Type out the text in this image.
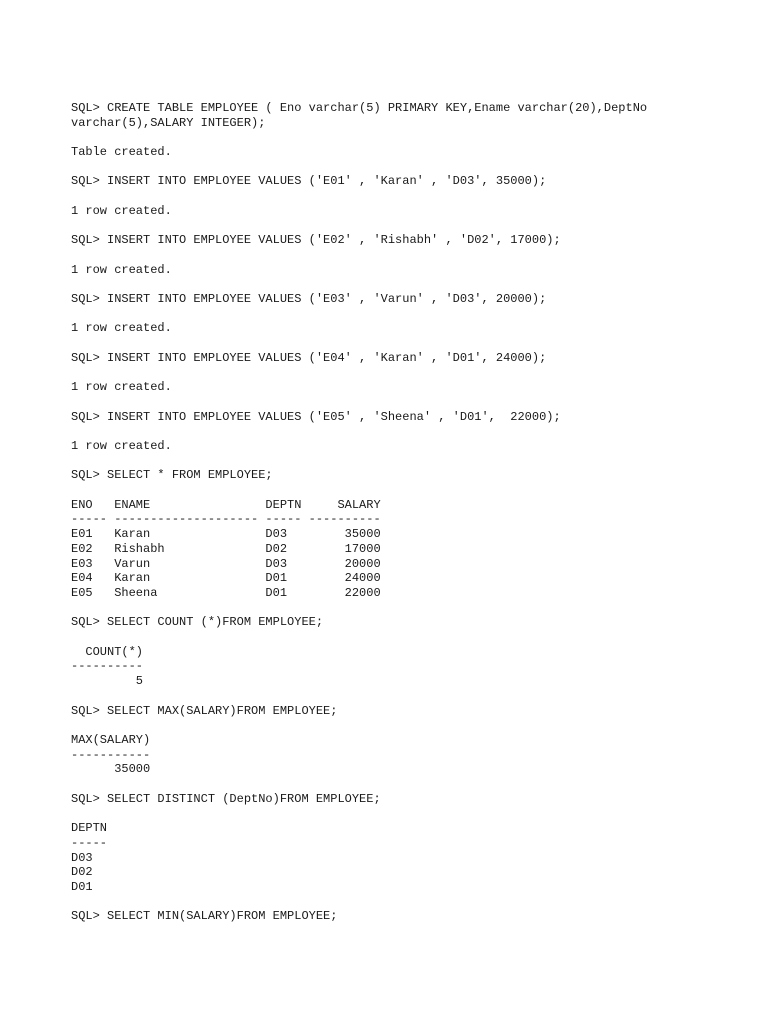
SQL> CREATE TABLE EMPLOYEE ( Eno varchar(5) PRIMARY KEY,Ename varchar(20),DeptNo
varchar(5),SALARY INTEGER);
Table created.
SQL> INSERT INTO EMPLOYEE VALUES ('E01' , 'Karan' , 'D03', 35000);
1 row created.
SQL> INSERT INTO EMPLOYEE VALUES ('E02' , 'Rishabh' , 'D02', 17000);
1 row created.
SQL> INSERT INTO EMPLOYEE VALUES ('E03' , 'Varun' , 'D03', 20000);
1 row created.
SQL> INSERT INTO EMPLOYEE VALUES ('E04' , 'Karan' , 'D01', 24000);
1 row created.
SQL> INSERT INTO EMPLOYEE VALUES ('E05' , 'Sheena' , 'D01',  22000);
1 row created.
SQL> SELECT * FROM EMPLOYEE;
ENO   ENAME                DEPTN     SALARY
----- -------------------- ----- ----------
E01   Karan                D03        35000
E02   Rishabh              D02        17000
E03   Varun                D03        20000
E04   Karan                D01        24000
E05   Sheena               D01        22000
SQL> SELECT COUNT (*)FROM EMPLOYEE;
COUNT(*)
----------
5
SQL> SELECT MAX(SALARY)FROM EMPLOYEE;
MAX(SALARY)
-----------
35000
SQL> SELECT DISTINCT (DeptNo)FROM EMPLOYEE;
DEPTN
-----
D03
D02
D01
SQL> SELECT MIN(SALARY)FROM EMPLOYEE;
